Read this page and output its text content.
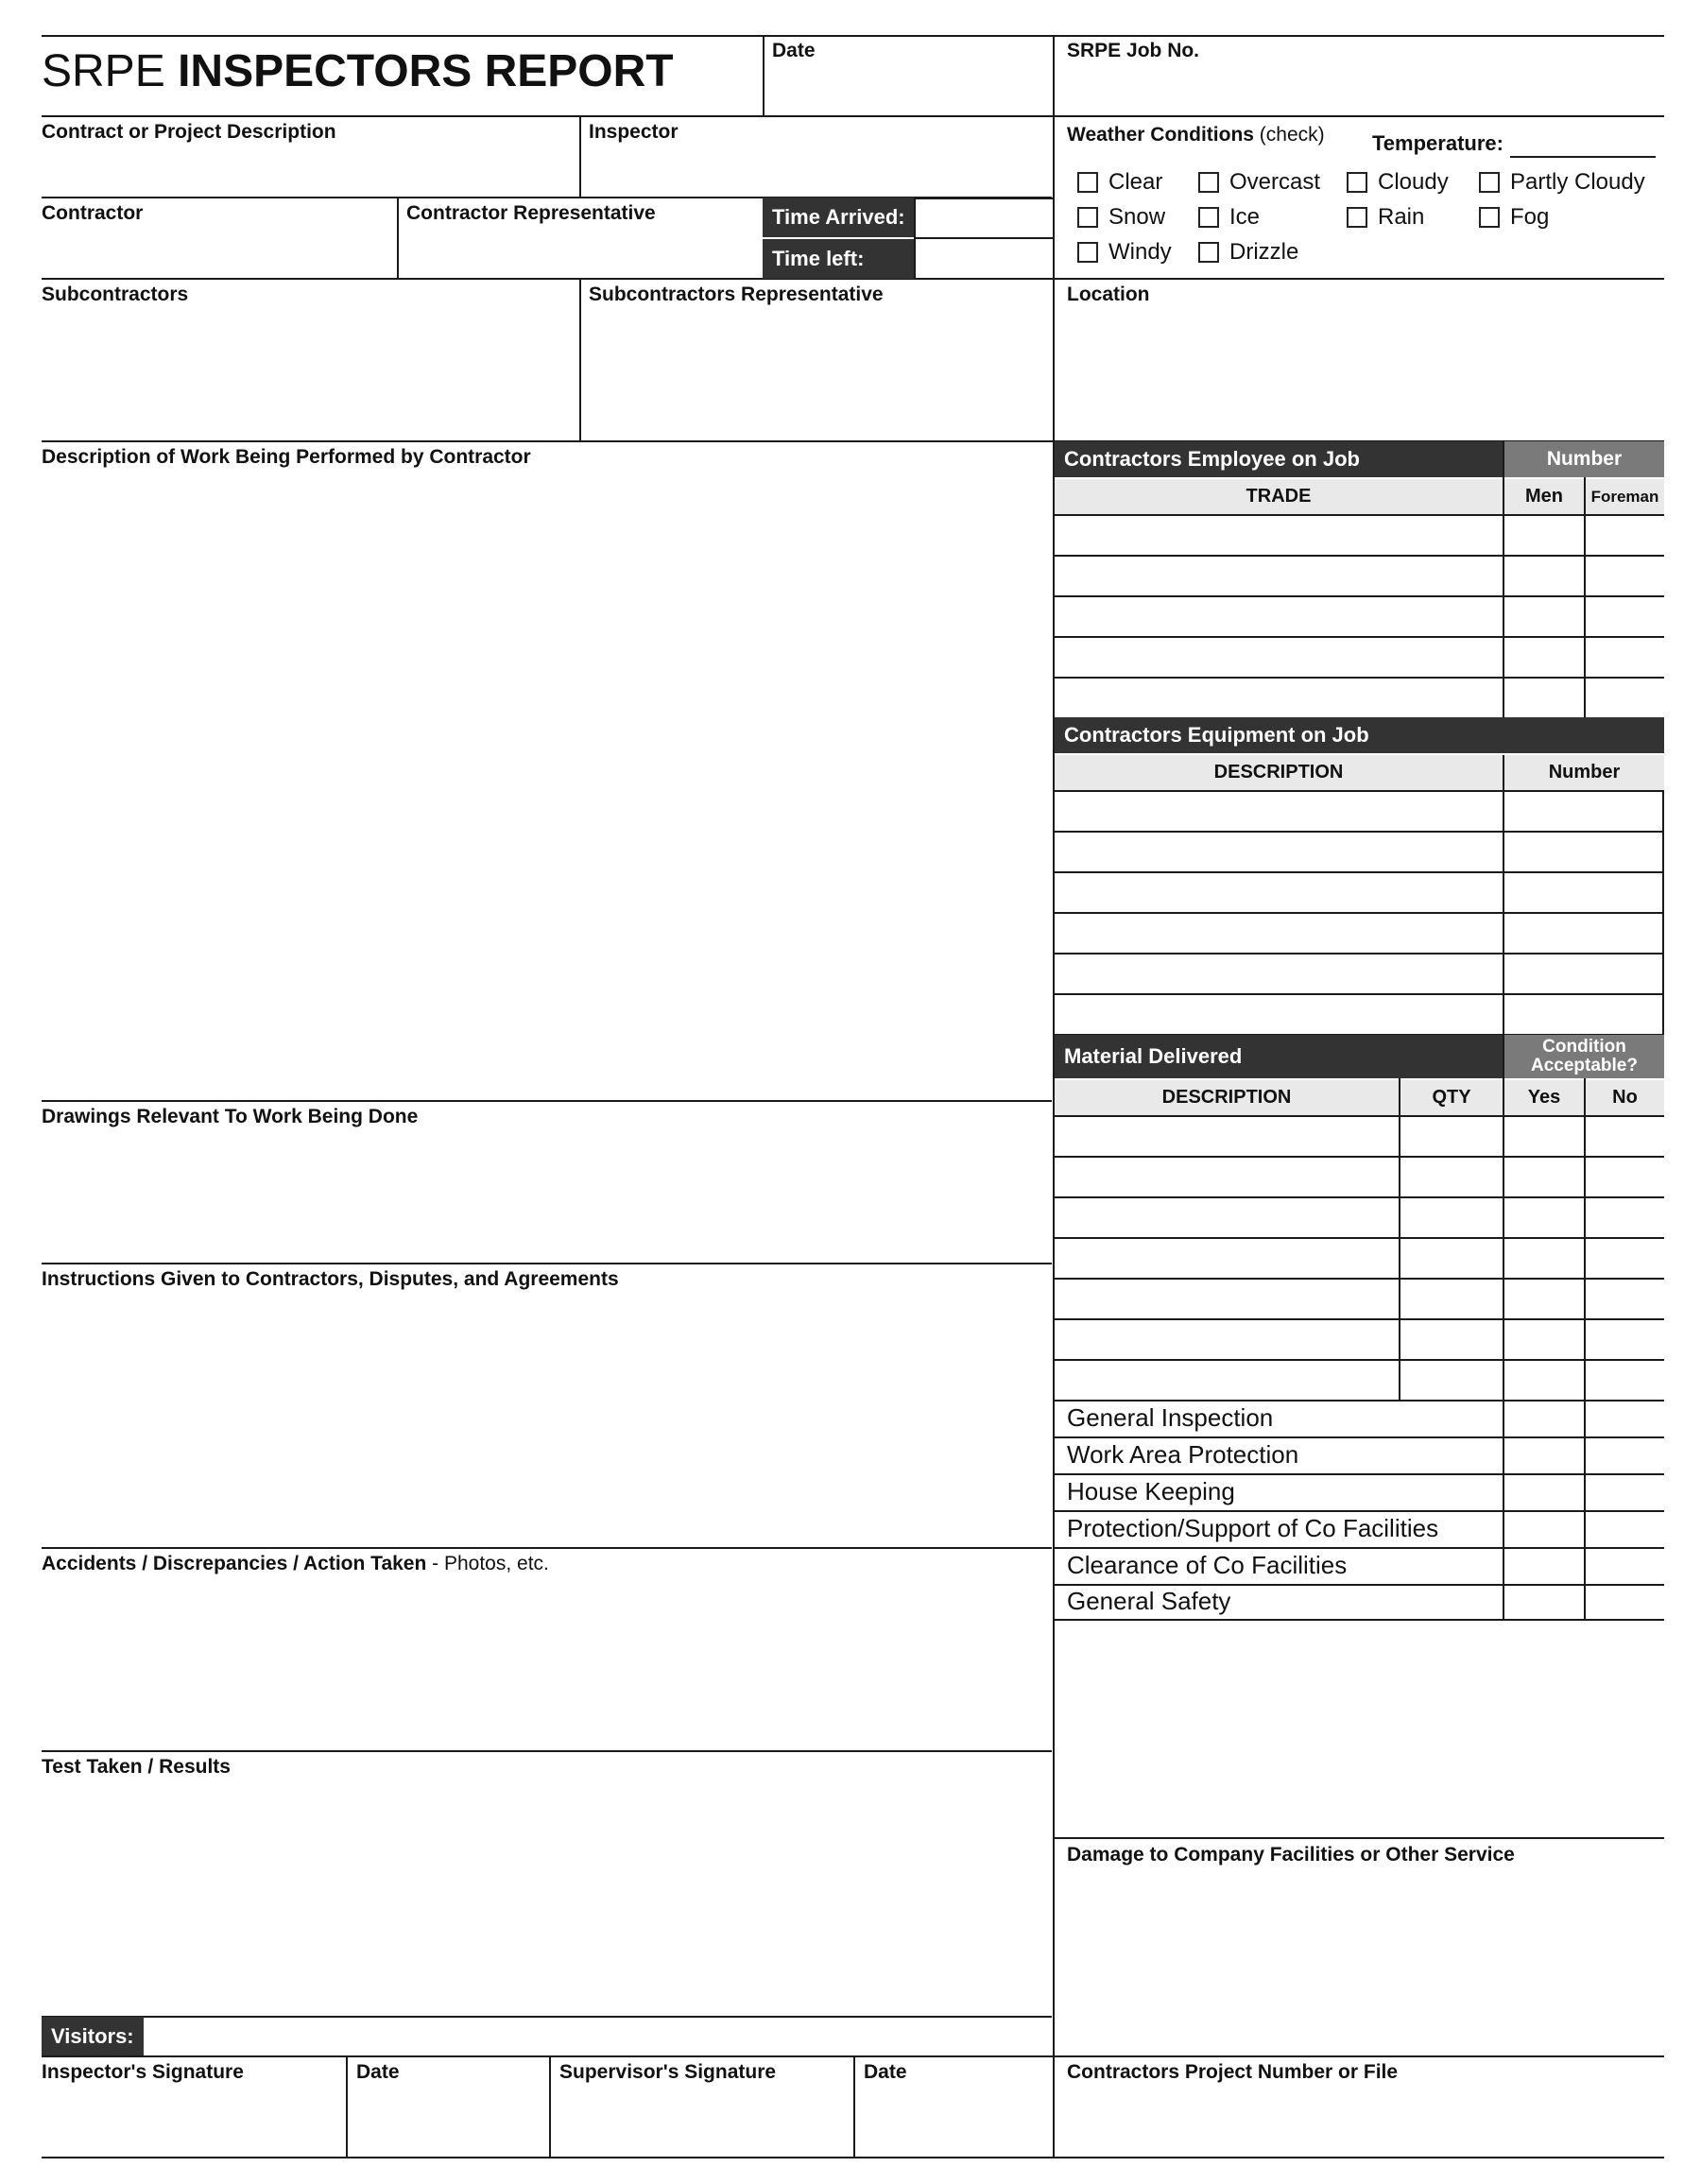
SRPE INSPECTORS REPORT	Date	SRPE Job No.
Contract or Project Description	Inspector
Contractor	Contractor Representative	Time Arrived:
Time left:
Subcontractors	Subcontractors Representative
Description of Work Being Performed by Contractor
Drawings Relevant To Work Being Done
Instructions Given to Contractors, Disputes, and Agreements
Accidents / Discrepancies / Action Taken - Photos, etc.
Test Taken / Results
Visitors:
Inspector's Signature	Date	Supervisor's Signature	Date
Weather Conditions (check) Temperature:
Clear	Overcast	Cloudy	Partly Cloudy
Snow	Ice	Rain	Fog
Windy	Drizzle
Location
Contractors Employee on Job	Number
TRADE	Men	Foreman
Contractors Equipment on Job
DESCRIPTION	Number
Material Delivered	Condition
Acceptable?
DESCRIPTION	QTY	Yes	No
General Inspection
Work Area Protection
House Keeping
Protection/Support of Co Facilities
Clearance of Co Facilities
General Safety
Damage to Company Facilities or Other Service
Contractors Project Number or File
